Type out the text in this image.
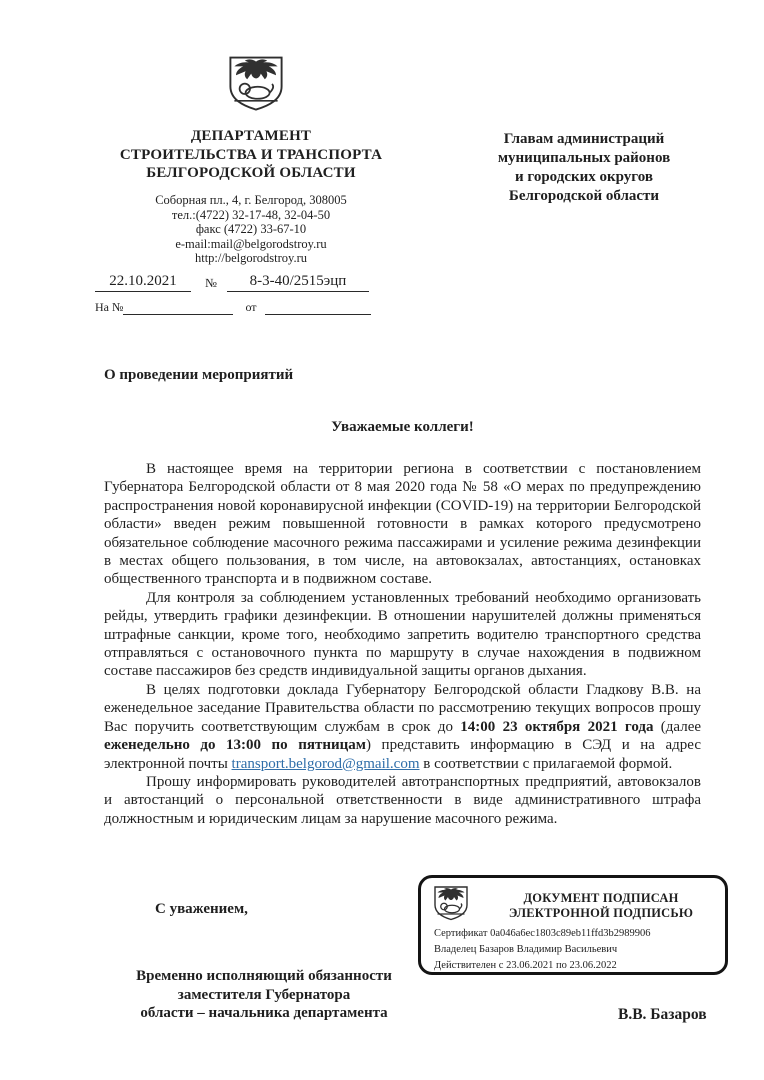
ДЕПАРТАМЕНТ
СТРОИТЕЛЬСТВА И ТРАНСПОРТА
БЕЛГОРОДСКОЙ ОБЛАСТИ
Соборная пл., 4, г. Белгород, 308005
тел.:(4722) 32-17-48, 32-04-50
факс (4722) 33-67-10
e-mail:mail@belgorodstroy.ru
http://belgorodstroy.ru
Главам администраций
муниципальных районов
и городских округов
Белгородской области
22.10.2021	№	8-3-40/2515эцп
На №	от
О проведении мероприятий
Уважаемые коллеги!

В настоящее время на территории региона в соответствии с постановлением Губернатора Белгородской области от 8 мая 2020 года № 58 «О мерах по предупреждению распространения новой коронавирусной инфекции (COVID-19) на территории Белгородской области» введен режим повышенной готовности в рамках которого предусмотрено обязательное соблюдение масочного режима пассажирами и усиление режима дезинфекции в местах общего пользования, в том числе, на автовокзалах, автостанциях, остановках общественного транспорта и в подвижном составе.

Для контроля за соблюдением установленных требований необходимо организовать рейды, утвердить графики дезинфекции. В отношении нарушителей должны применяться штрафные санкции, кроме того, необходимо запретить водителю транспортного средства отправляться с остановочного пункта по маршруту в случае нахождения в подвижном составе пассажиров без средств индивидуальной защиты органов дыхания.

В целях подготовки доклада Губернатору Белгородской области Гладкову В.В. на еженедельное заседание Правительства области по рассмотрению текущих вопросов прошу Вас поручить соответствующим службам в срок до 14:00 23 октября 2021 года (далее еженедельно до 13:00 по пятницам) представить информацию в СЭД и на адрес электронной почты transport.belgorod@gmail.com в соответствии с прилагаемой формой.

Прошу информировать руководителей автотранспортных предприятий, автовокзалов и автостанций о персональной ответственности в виде административного штрафа должностным и юридическим лицам за нарушение масочного режима.

ДОКУМЕНТ ПОДПИСАН
ЭЛЕКТРОННОЙ ПОДПИСЬЮ
Сертификат 0a046a6ec1803c89eb11ffd3b2989906
Владелец Базаров Владимир Васильевич
Действителен с 23.06.2021 по 23.06.2022
С уважением,
Временно исполняющий обязанности
заместителя Губернатора
области – начальника департамента	В.В. Базаров
